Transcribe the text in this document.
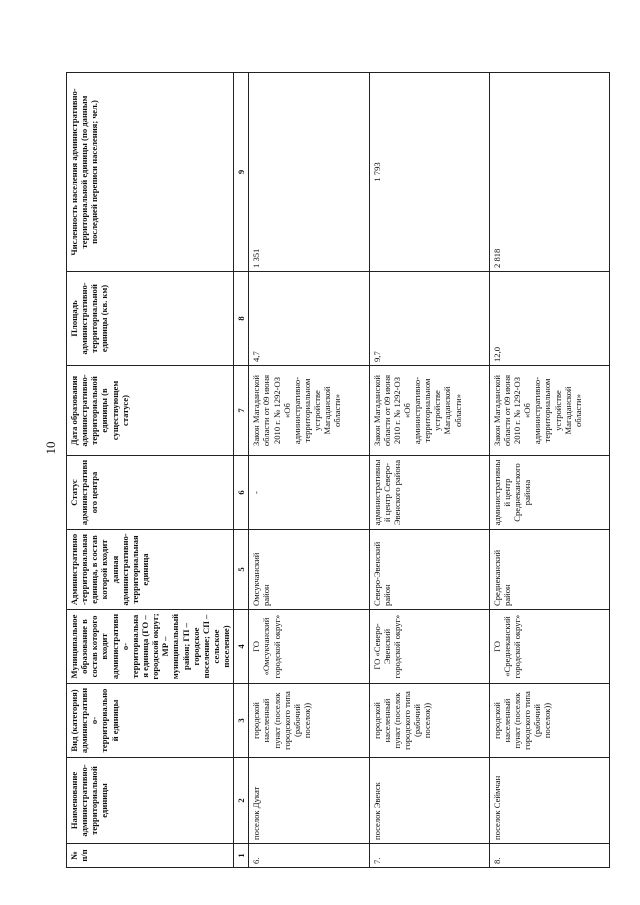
10
№ п/п	Наименование административно-территориальной единицы	Вид (категория) административно-территориальной единицы	Муниципальное образование в состав которого входит административно-территориальная единица (ГО – городской округ; МР – муниципальный район; ГП – городское поселение; СП – сельское поселение)	Административно-территориальная единица, в состав которой входит данная административно-территориальная единица	Статус административного центра	Дата образования административно-территориальной единицы (в существующем статусе)	Площадь административно-территориальной единицы (кв. км)	Численность населения административно-территориальной единицы (по данным последней переписи населения; чел.)
1	2	3	4	5	6	7	8	9
6.	поселок Дукат	городской населенный пункт (поселок городского типа (рабочий поселок))	ГО «Омсукчанский городской округ»	Омсукчанский район	-	Закон Магаданской области от 09 июня 2010 г. № 1292-ОЗ «Об административно-территориальном устройстве Магаданской области»	4,7	1 351
7.	поселок Эвенск	городской населенный пункт (поселок городского типа (рабочий поселок))	ГО «Северо-Эвенский городской округ»	Северо-Эвенский район	административный центр Северо-Эвенского района	Закон Магаданской области от 09 июня 2010 г. № 1292-ОЗ «Об административно-территориальном устройстве Магаданской области»	9,7	1 793
8.	поселок Сеймчан	городской населенный пункт (поселок городского типа (рабочий поселок))	ГО «Среднеканский городской округ»	Среднеканский район	административный центр Среднеканского района	Закон Магаданской области от 09 июня 2010 г. № 1292-ОЗ «Об административно-территориальном устройстве Магаданской области»	12,0	2 818
